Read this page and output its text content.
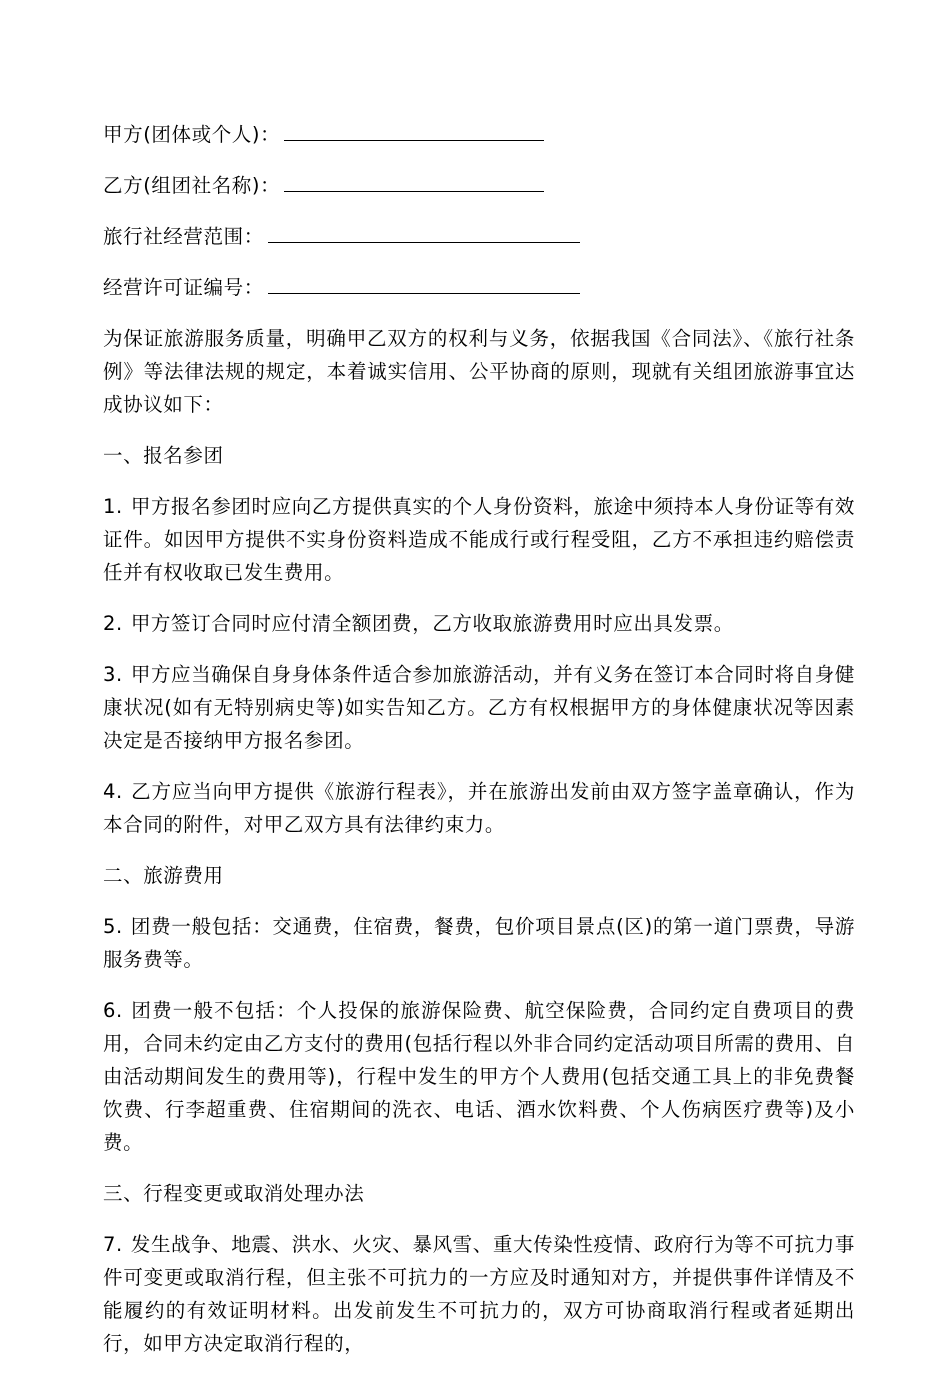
甲方(团体或个人)：
乙方(组团社名称)：
旅行社经营范围：
经营许可证编号：

为保证旅游服务质量，明确甲乙双方的权利与义务，依据我国《合同法》、《旅行社条例》等法律法规的规定，本着诚实信用、公平协商的原则，现就有关组团旅游事宜达成协议如下：

一、报名参团

1. 甲方报名参团时应向乙方提供真实的个人身份资料，旅途中须持本人身份证等有效证件。如因甲方提供不实身份资料造成不能成行或行程受阻，乙方不承担违约赔偿责任并有权收取已发生费用。

2. 甲方签订合同时应付清全额团费，乙方收取旅游费用时应出具发票。

3. 甲方应当确保自身身体条件适合参加旅游活动，并有义务在签订本合同时将自身健康状况(如有无特别病史等)如实告知乙方。乙方有权根据甲方的身体健康状况等因素决定是否接纳甲方报名参团。

4. 乙方应当向甲方提供《旅游行程表》，并在旅游出发前由双方签字盖章确认，作为本合同的附件，对甲乙双方具有法律约束力。

二、旅游费用

5. 团费一般包括：交通费，住宿费，餐费，包价项目景点(区)的第一道门票费，导游服务费等。

6. 团费一般不包括：个人投保的旅游保险费、航空保险费，合同约定自费项目的费用，合同未约定由乙方支付的费用(包括行程以外非合同约定活动项目所需的费用、自由活动期间发生的费用等)，行程中发生的甲方个人费用(包括交通工具上的非免费餐饮费、行李超重费、住宿期间的洗衣、电话、酒水饮料费、个人伤病医疗费等)及小费。

三、行程变更或取消处理办法

7. 发生战争、地震、洪水、火灾、暴风雪、重大传染性疫情、政府行为等不可抗力事件可变更或取消行程，但主张不可抗力的一方应及时通知对方，并提供事件详情及不能履约的有效证明材料。出发前发生不可抗力的，双方可协商取消行程或者延期出行，如甲方决定取消行程的，
